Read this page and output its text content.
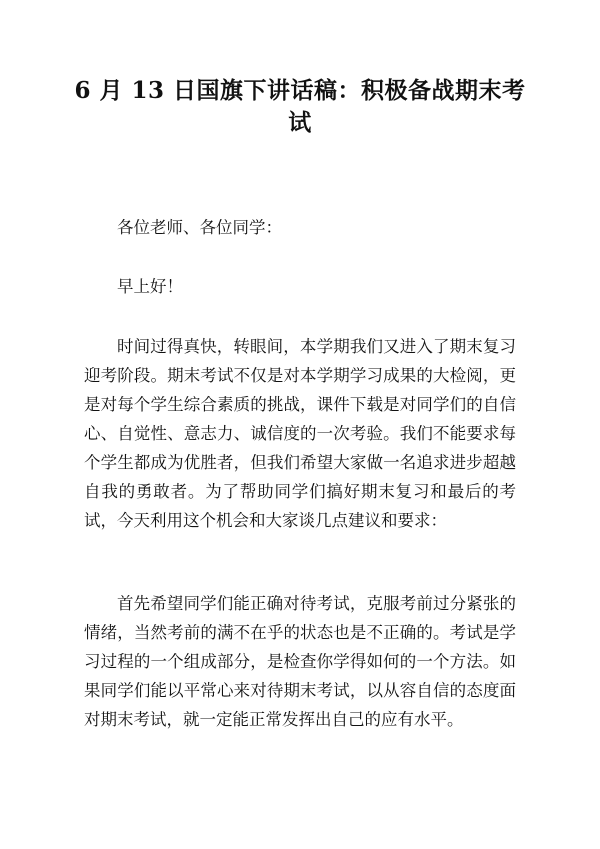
6 月 13 日国旗下讲话稿：积极备战期末考试

各位老师、各位同学：

早上好！

时间过得真快，转眼间，本学期我们又进入了期末复习迎考阶段。期末考试不仅是对本学期学习成果的大检阅，更是对每个学生综合素质的挑战，课件下载是对同学们的自信心、自觉性、意志力、诚信度的一次考验。我们不能要求每个学生都成为优胜者，但我们希望大家做一名追求进步超越自我的勇敢者。为了帮助同学们搞好期末复习和最后的考试，今天利用这个机会和大家谈几点建议和要求：

首先希望同学们能正确对待考试，克服考前过分紧张的情绪，当然考前的满不在乎的状态也是不正确的。考试是学习过程的一个组成部分，是检查你学得如何的一个方法。如果同学们能以平常心来对待期末考试，以从容自信的态度面对期末考试，就一定能正常发挥出自己的应有水平。
